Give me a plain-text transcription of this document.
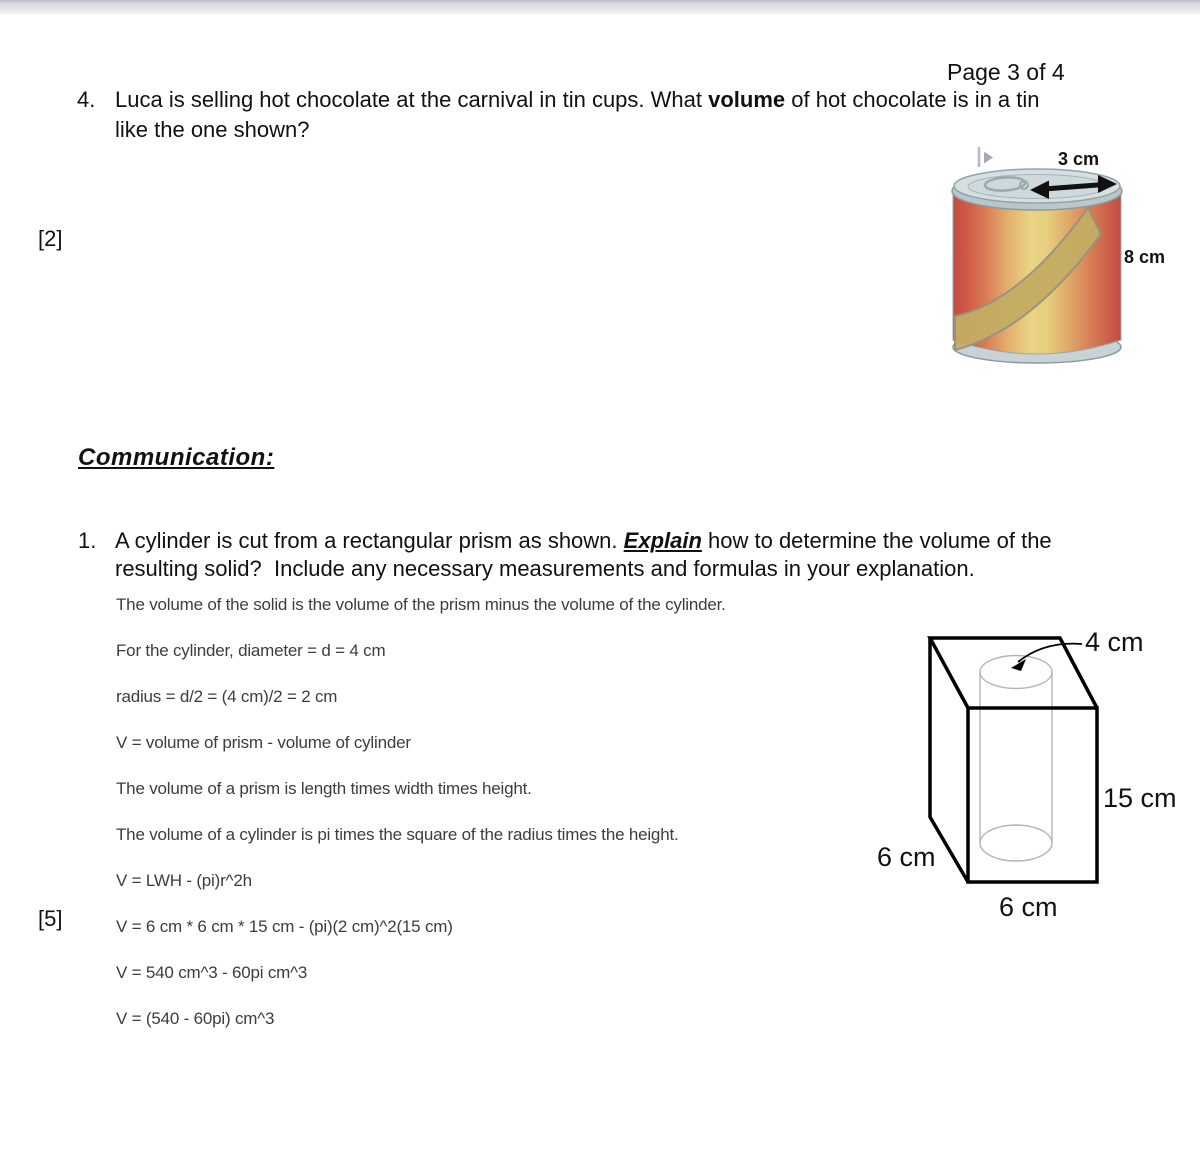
Page 3 of 4
4. Luca is selling hot chocolate at the carnival in tin cups. What volume of hot chocolate is in a tin
like the one shown?
[2]
3 cm
8 cm
Communication:
1. A cylinder is cut from a rectangular prism as shown. Explain how to determine the volume of the
resulting solid?  Include any necessary measurements and formulas in your explanation.
[5]
The volume of the solid is the volume of the prism minus the volume of the cylinder.
For the cylinder, diameter = d = 4 cm
radius = d/2 = (4 cm)/2 = 2 cm
V = volume of prism - volume of cylinder
The volume of a prism is length times width times height.
The volume of a cylinder is pi times the square of the radius times the height.
V = LWH - (pi)r^2h
V = 6 cm * 6 cm * 15 cm - (pi)(2 cm)^2(15 cm)
V = 540 cm^3 - 60pi cm^3
V = (540 - 60pi) cm^3
4 cm
15 cm
6 cm
6 cm
